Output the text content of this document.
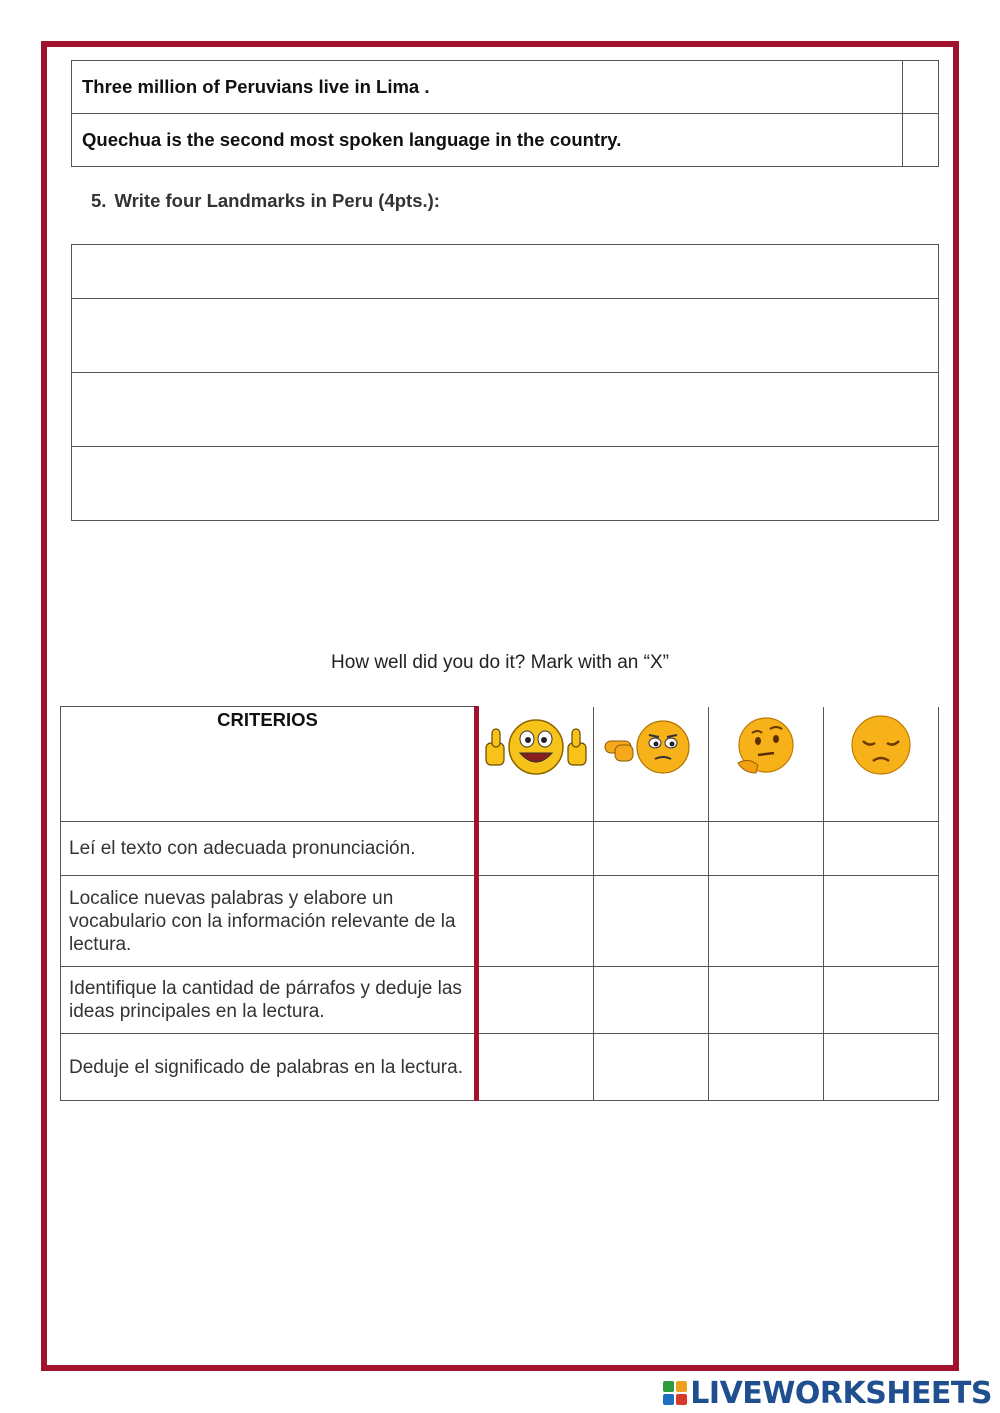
Three million of Peruvians live in Lima .	
Quechua is the second most spoken language in the country.	
5. Write four Landmarks in Peru (4pts.):

How well did you do it? Mark with an “X”
CRITERIOS				
Leí el texto con adecuada pronunciación.				
Localice nuevas palabras y elabore un vocabulario con la información relevante de la lectura.				
Identifique la cantidad de párrafos y deduje las ideas principales en la lectura.				
Deduje el significado de palabras en la lectura.				
LIVEWORKSHEETS
